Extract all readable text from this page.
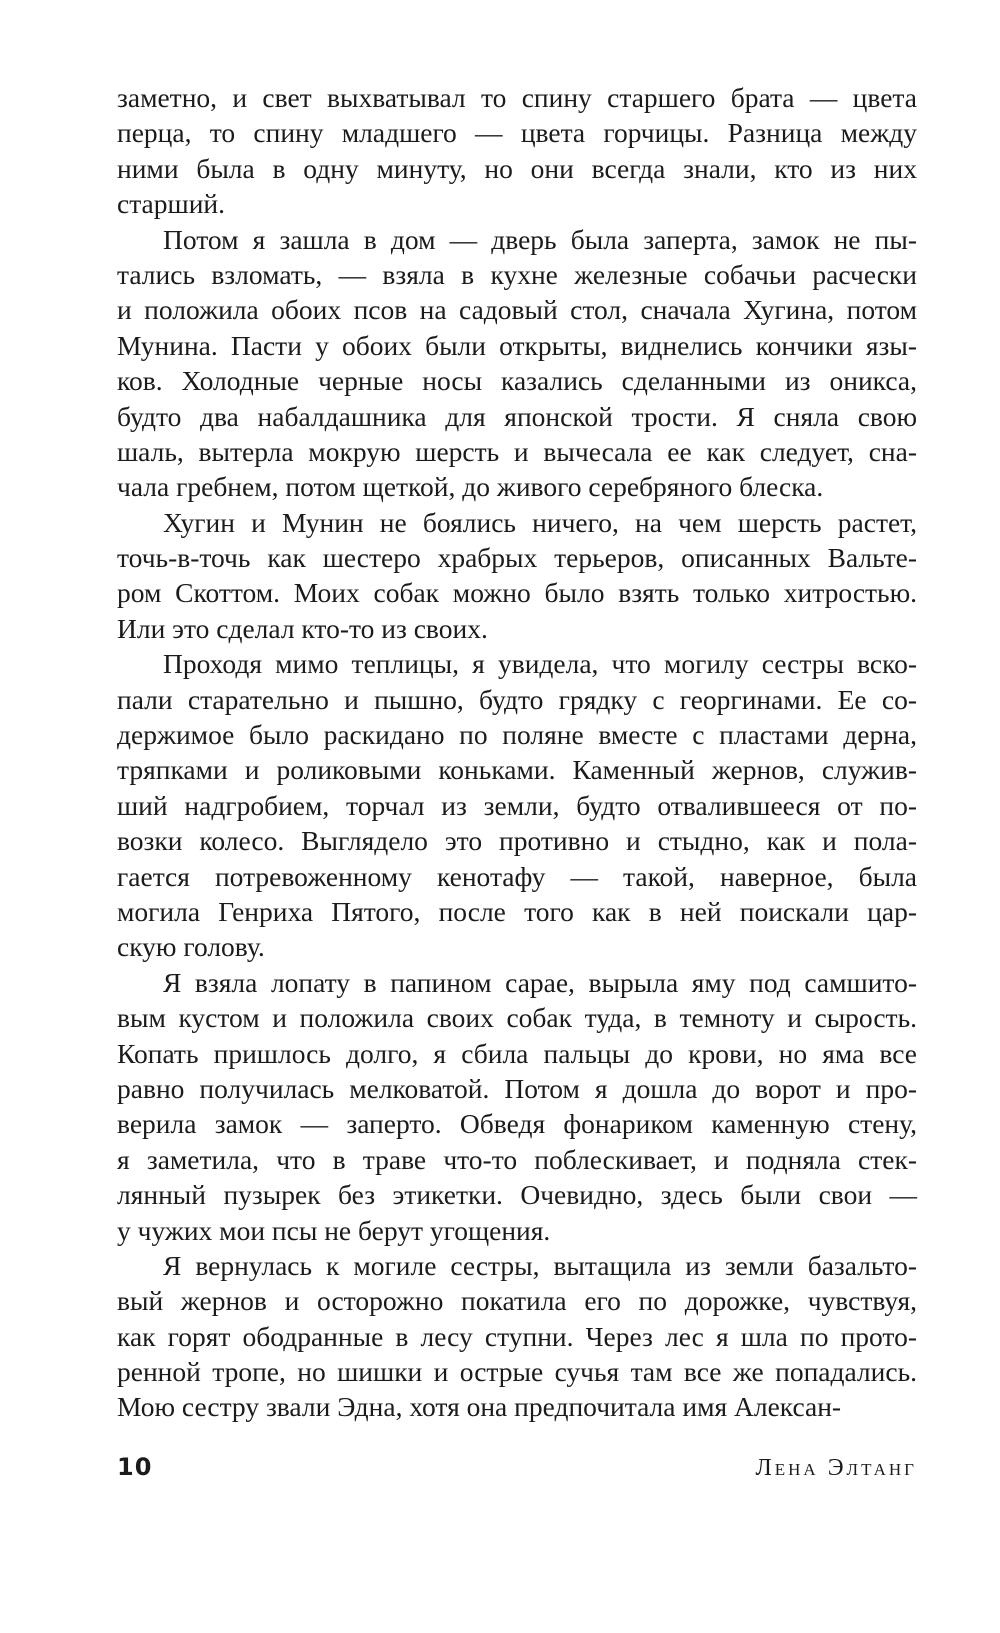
заметно, и свет выхватывал то спину старшего брата — цвета
перца, то спину младшего — цвета горчицы. Разница между
ними была в одну минуту, но они всегда знали, кто из них
старший.
Потом я зашла в дом — дверь была заперта, замок не пы-
тались взломать, — взяла в кухне железные собачьи расчески
и положила обоих псов на садовый стол, сначала Хугина, потом
Мунина. Пасти у обоих были открыты, виднелись кончики язы-
ков. Холодные черные носы казались сделанными из оникса,
будто два набалдашника для японской трости. Я сняла свою
шаль, вытерла мокрую шерсть и вычесала ее как следует, сна-
чала гребнем, потом щеткой, до живого серебряного блеска.
Хугин и Мунин не боялись ничего, на чем шерсть растет,
точь-в-точь как шестеро храбрых терьеров, описанных Вальте-
ром Скоттом. Моих собак можно было взять только хитростью.
Или это сделал кто-то из своих.
Проходя мимо теплицы, я увидела, что могилу сестры вско-
пали старательно и пышно, будто грядку с георгинами. Ее со-
держимое было раскидано по поляне вместе с пластами дерна,
тряпками и роликовыми коньками. Каменный жернов, служив-
ший надгробием, торчал из земли, будто отвалившееся от по-
возки колесо. Выглядело это противно и стыдно, как и пола-
гается потревоженному кенотафу — такой, наверное, была
могила Генриха Пятого, после того как в ней поискали цар-
скую голову.
Я взяла лопату в папином сарае, вырыла яму под самшито-
вым кустом и положила своих собак туда, в темноту и сырость.
Копать пришлось долго, я сбила пальцы до крови, но яма все
равно получилась мелковатой. Потом я дошла до ворот и про-
верила замок — заперто. Обведя фонариком каменную стену,
я заметила, что в траве что-то поблескивает, и подняла стек-
лянный пузырек без этикетки. Очевидно, здесь были свои —
у чужих мои псы не берут угощения.
Я вернулась к могиле сестры, вытащила из земли базальто-
вый жернов и осторожно покатила его по дорожке, чувствуя,
как горят ободранные в лесу ступни. Через лес я шла по прото-
ренной тропе, но шишки и острые сучья там все же попадались.
Мою сестру звали Эдна, хотя она предпочитала имя Алексан-
10	Лена Элтанг
